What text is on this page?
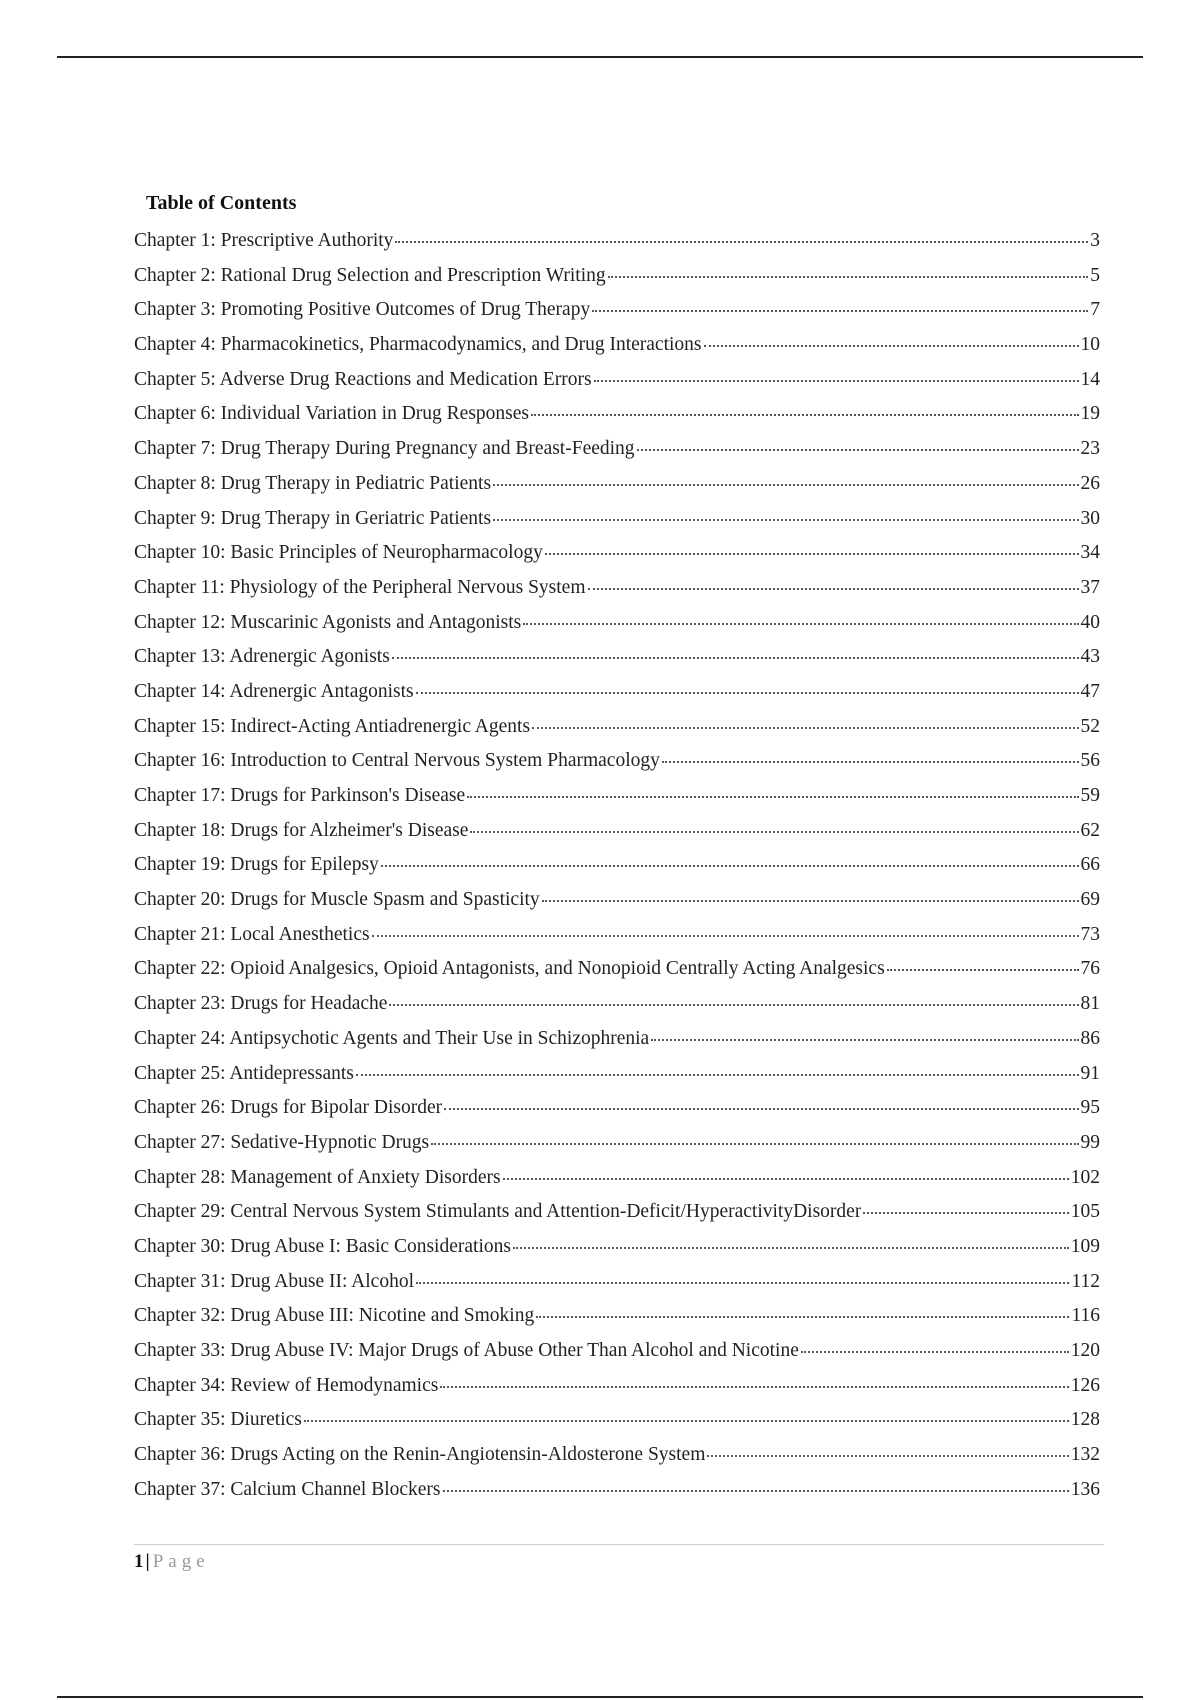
Table of Contents
Chapter 1: Prescriptive Authority	3
Chapter 2: Rational Drug Selection and Prescription Writing	5
Chapter 3: Promoting Positive Outcomes of Drug Therapy	7
Chapter 4: Pharmacokinetics, Pharmacodynamics, and Drug Interactions	10
Chapter 5: Adverse Drug Reactions and Medication Errors	14
Chapter 6: Individual Variation in Drug Responses	19
Chapter 7: Drug Therapy During Pregnancy and Breast-Feeding	23
Chapter 8: Drug Therapy in Pediatric Patients	26
Chapter 9: Drug Therapy in Geriatric Patients	30
Chapter 10: Basic Principles of Neuropharmacology	34
Chapter 11: Physiology of the Peripheral Nervous System	37
Chapter 12: Muscarinic Agonists and Antagonists	40
Chapter 13: Adrenergic Agonists	43
Chapter 14: Adrenergic Antagonists	47
Chapter 15: Indirect-Acting Antiadrenergic Agents	52
Chapter 16: Introduction to Central Nervous System Pharmacology	56
Chapter 17: Drugs for Parkinson's Disease	59
Chapter 18: Drugs for Alzheimer's Disease	62
Chapter 19: Drugs for Epilepsy	66
Chapter 20: Drugs for Muscle Spasm and Spasticity	69
Chapter 21: Local Anesthetics	73
Chapter 22: Opioid Analgesics, Opioid Antagonists, and Nonopioid Centrally Acting Analgesics	76
Chapter 23: Drugs for Headache	81
Chapter 24: Antipsychotic Agents and Their Use in Schizophrenia	86
Chapter 25: Antidepressants	91
Chapter 26: Drugs for Bipolar Disorder	95
Chapter 27: Sedative-Hypnotic Drugs	99
Chapter 28: Management of Anxiety Disorders	102
Chapter 29: Central Nervous System Stimulants and Attention-Deficit/HyperactivityDisorder	105
Chapter 30: Drug Abuse I: Basic Considerations	109
Chapter 31: Drug Abuse II: Alcohol	112
Chapter 32: Drug Abuse III: Nicotine and Smoking	116
Chapter 33: Drug Abuse IV: Major Drugs of Abuse Other Than Alcohol and Nicotine	120
Chapter 34: Review of Hemodynamics	126
Chapter 35: Diuretics	128
Chapter 36: Drugs Acting on the Renin-Angiotensin-Aldosterone System	132
Chapter 37: Calcium Channel Blockers	136
1 | Page
